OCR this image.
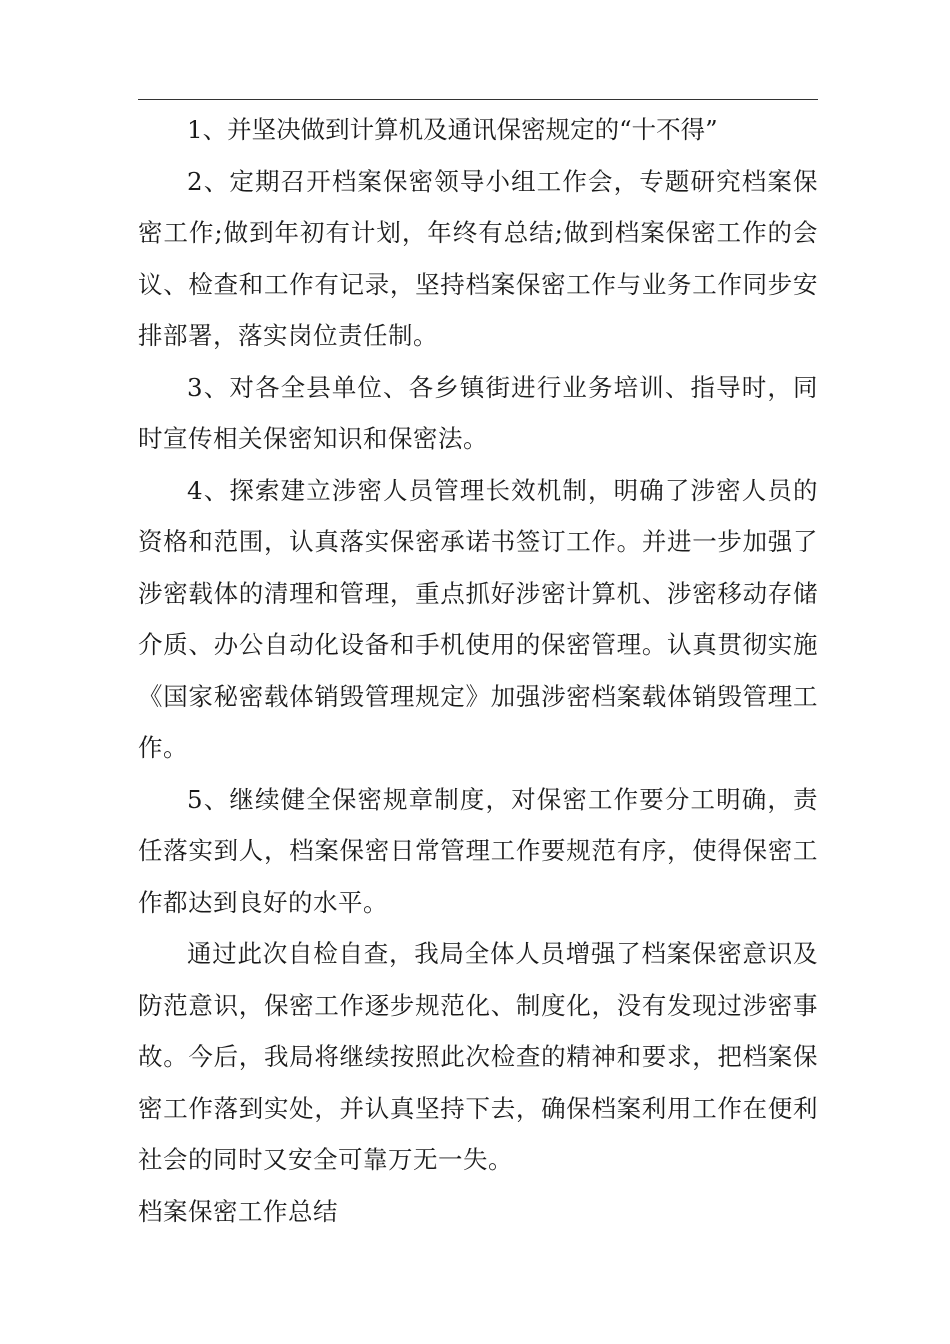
1、并坚决做到计算机及通讯保密规定的“十不得”

2、定期召开档案保密领导小组工作会，专题研究档案保密工作;做到年初有计划，年终有总结;做到档案保密工作的会议、检查和工作有记录，坚持档案保密工作与业务工作同步安排部署，落实岗位责任制。

3、对各全县单位、各乡镇街进行业务培训、指导时，同时宣传相关保密知识和保密法。

4、探索建立涉密人员管理长效机制，明确了涉密人员的资格和范围，认真落实保密承诺书签订工作。并进一步加强了涉密载体的清理和管理，重点抓好涉密计算机、涉密移动存储介质、办公自动化设备和手机使用的保密管理。认真贯彻实施《国家秘密载体销毁管理规定》加强涉密档案载体销毁管理工作。

5、继续健全保密规章制度，对保密工作要分工明确，责任落实到人，档案保密日常管理工作要规范有序，使得保密工作都达到良好的水平。

通过此次自检自查，我局全体人员增强了档案保密意识及防范意识，保密工作逐步规范化、制度化，没有发现过涉密事故。今后，我局将继续按照此次检查的精神和要求，把档案保密工作落到实处，并认真坚持下去，确保档案利用工作在便利社会的同时又安全可靠万无一失。

档案保密工作总结
